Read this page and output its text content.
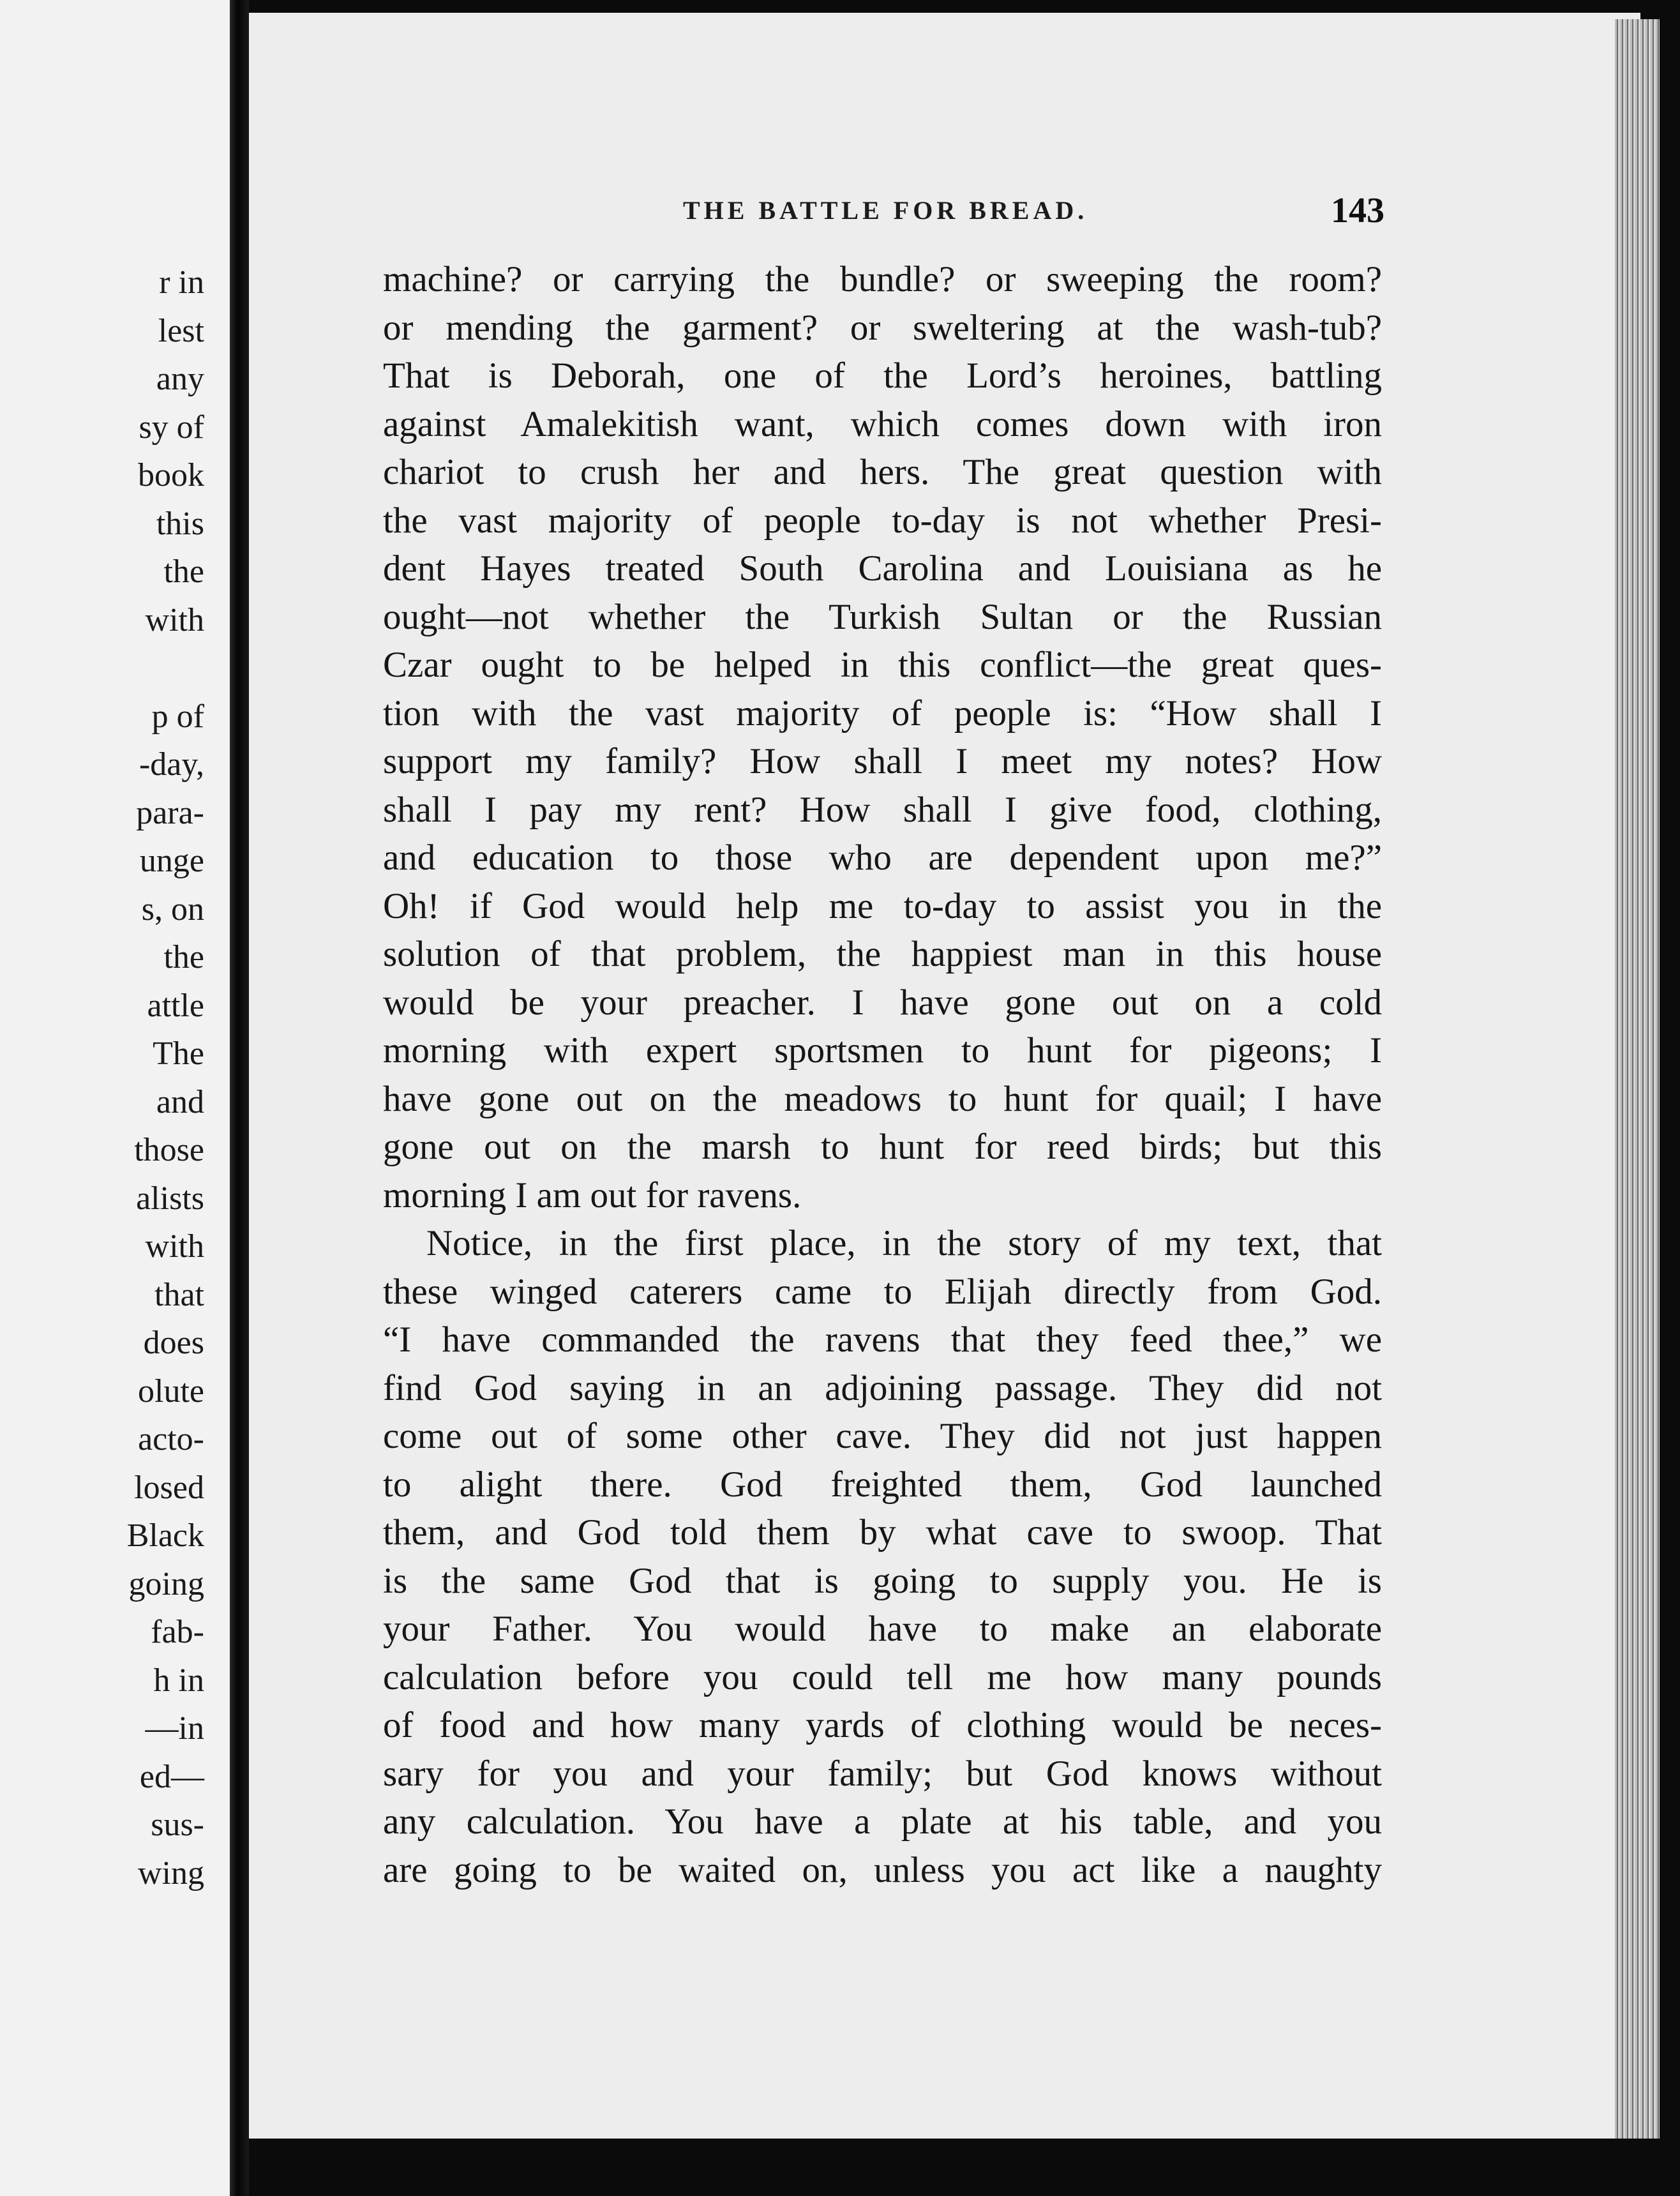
r in
lest
any
sy of
book
this
the
with
p of
-day,
para-
unge
s, on
the
attle
The
and
those
alists
with
that
does
olute
acto-
losed
Black
going
fab-
h in
—in
ed—
sus-
wing
THE BATTLE FOR BREAD.	143
machine? or carrying the bundle? or sweeping the room?
or mending the garment? or sweltering at the wash-tub?
That is Deborah, one of the Lord’s heroines, battling
against Amalekitish want, which comes down with iron
chariot to crush her and hers. The great question with
the vast majority of people to-day is not whether Presi-
dent Hayes treated South Carolina and Louisiana as he
ought—not whether the Turkish Sultan or the Russian
Czar ought to be helped in this conflict—the great ques-
tion with the vast majority of people is: “How shall I
support my family? How shall I meet my notes? How
shall I pay my rent? How shall I give food, clothing,
and education to those who are dependent upon me?”
Oh! if God would help me to-day to assist you in the
solution of that problem, the happiest man in this house
would be your preacher. I have gone out on a cold
morning with expert sportsmen to hunt for pigeons; I
have gone out on the meadows to hunt for quail; I have
gone out on the marsh to hunt for reed birds; but this
morning I am out for ravens.
Notice, in the first place, in the story of my text, that
these winged caterers came to Elijah directly from God.
“I have commanded the ravens that they feed thee,” we
find God saying in an adjoining passage. They did not
come out of some other cave. They did not just happen
to alight there. God freighted them, God launched
them, and God told them by what cave to swoop. That
is the same God that is going to supply you. He is
your Father. You would have to make an elaborate
calculation before you could tell me how many pounds
of food and how many yards of clothing would be neces-
sary for you and your family; but God knows without
any calculation. You have a plate at his table, and you
are going to be waited on, unless you act like a naughty
